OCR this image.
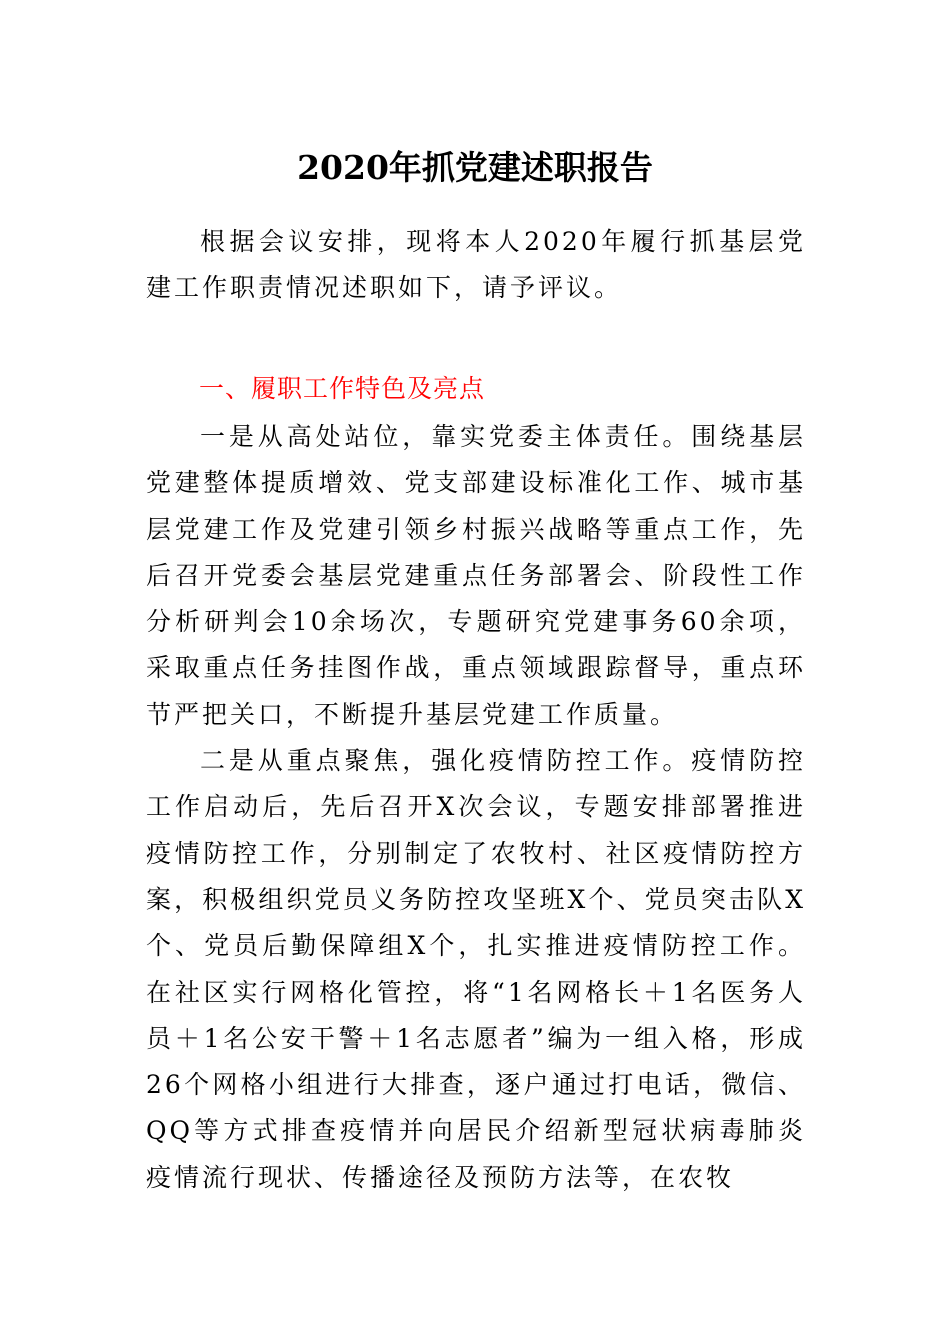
2020年抓党建述职报告

根据会议安排，现将本人2020年履行抓基层党建工作职责情况述职如下，请予评议。

一、履职工作特色及亮点

一是从高处站位，靠实党委主体责任。围绕基层党建整体提质增效、党支部建设标准化工作、城市基层党建工作及党建引领乡村振兴战略等重点工作，先后召开党委会基层党建重点任务部署会、阶段性工作分析研判会10余场次，专题研究党建事务60余项，采取重点任务挂图作战，重点领域跟踪督导，重点环节严把关口，不断提升基层党建工作质量。

二是从重点聚焦，强化疫情防控工作。疫情防控工作启动后，先后召开X次会议，专题安排部署推进疫情防控工作，分别制定了农牧村、社区疫情防控方案，积极组织党员义务防控攻坚班X个、党员突击队X个、党员后勤保障组X个，扎实推进疫情防控工作。在社区实行网格化管控，将“1名网格长＋1名医务人员＋1名公安干警＋1名志愿者”编为一组入格，形成26个网格小组进行大排查，逐户通过打电话，微信、QQ等方式排查疫情并向居民介绍新型冠状病毒肺炎疫情流行现状、传播途径及预防方法等，在农牧
